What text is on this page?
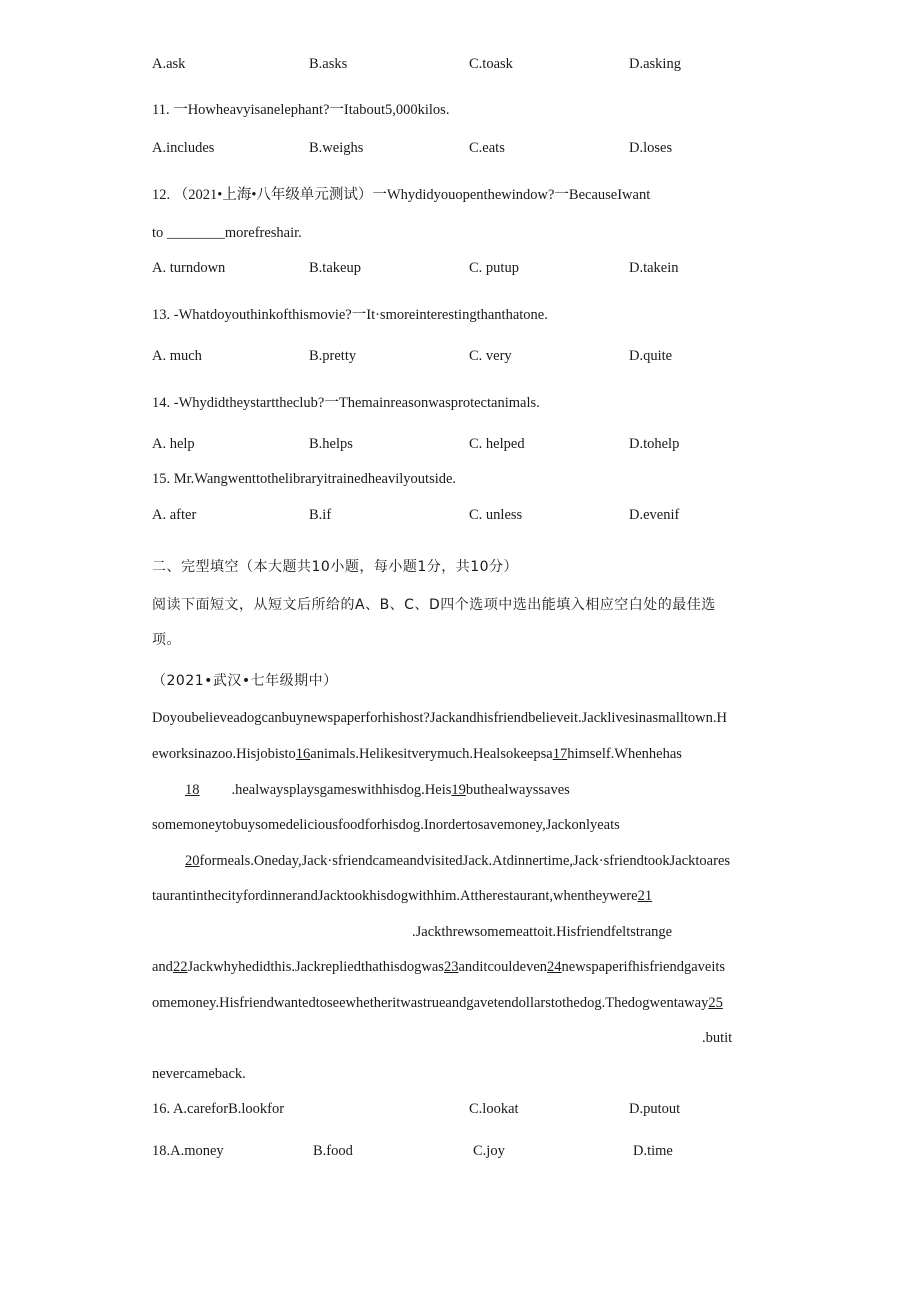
A.ask	B.asks	C.toask	D.asking
11. 一Howheavyisanelephant?一Itabout5,000kilos.
A.includes	B.weighs	C.eats	D.loses
12. （2021•上海•八年级单元测试）一Whydidyouopenthewindow?一BecauseIwant
to ________morefreshair.
A. turndown	B.takeup	C. putup	D.takein
13. -Whatdoyouthinkofthismovie?一It·smoreinterestingthanthatone.
A. much	B.pretty	C. very	D.quite
14. -Whydidtheystarttheclub?一Themainreasonwasprotectanimals.
A. help	B.helps	C. helped	D.tohelp
15. Mr.Wangwenttothelibraryitrainedheavilyoutside.
A. after	B.if	C. unless	D.evenif
二、完型填空（本大题共10小题，每小题1分，共10分）
阅读下面短文，从短文后所给的A、B、C、D四个选项中选出能填入相应空白处的最佳选
项。
（2021•武汉•七年级期中）
Doyoubelieveadogcanbuynewspaperforhishost?Jackandhisfriendbelieveit.Jacklivesinasmalltown.H
eworksinazoo.Hisjobisto16animals.Helikesitverymuch.Healsokeepsa17himself.Whenhehas
18 .healwaysplaysgameswithhisdog.Heis19buthealwayssaves
somemoneytobuysomedeliciousfoodforhisdog.Inordertosavemoney,Jackonlyeats
20formeals.Oneday,Jack·sfriendcameandvisitedJack.Atdinnertime,Jack·sfriendtookJacktoares
taurantinthecityfordinnerandJacktookhisdogwithhim.Attherestaurant,whentheywere21
.Jackthrewsomemeattoit.Hisfriendfeltstrange
and22Jackwhyhedidthis.Jackrepliedthathisdogwas23anditcouldeven24newspaperifhisfriendgaveits
omemoney.Hisfriendwantedtoseewhetheritwastrueandgavetendollarstothedog.Thedogwentaway25
.butit
nevercameback.
16. A.careforB.lookfor	C.lookat	D.putout
18.A.money	B.food	C.joy	D.time
